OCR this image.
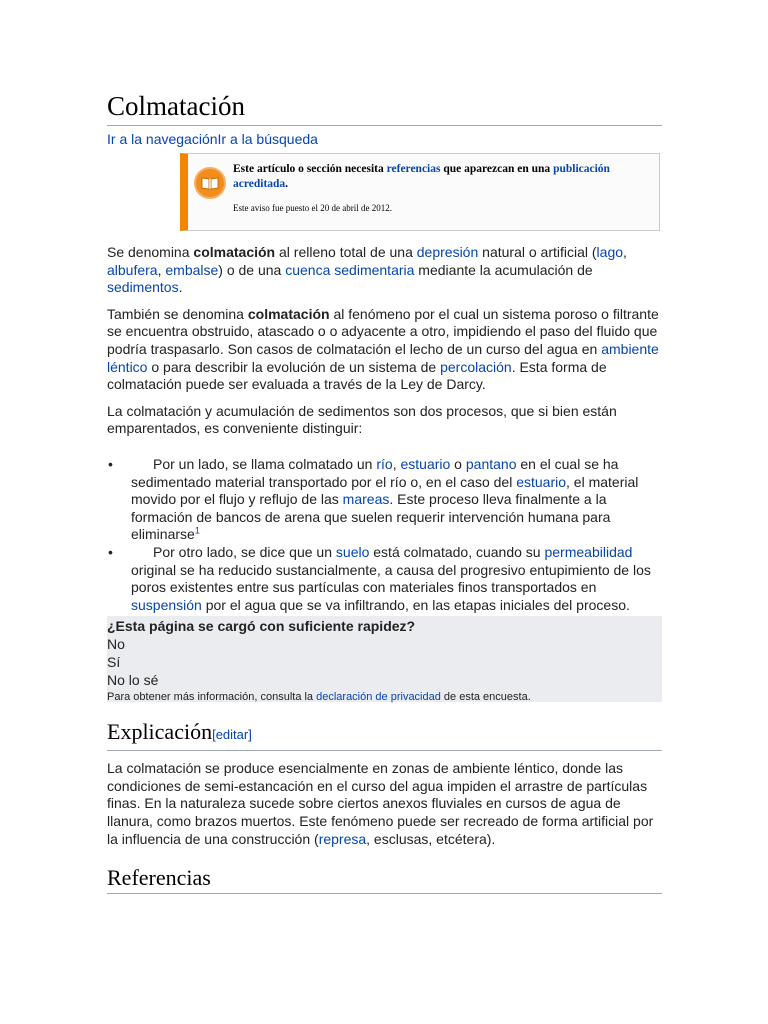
Colmatación
Ir a la navegaciónIr a la búsqueda
Este artículo o sección necesita referencias que aparezcan en una publicación acreditada.
Este aviso fue puesto el 20 de abril de 2012.

Se denomina colmatación al relleno total de una depresión natural o artificial (lago, albufera, embalse) o de una cuenca sedimentaria mediante la acumulación de sedimentos.

También se denomina colmatación al fenómeno por el cual un sistema poroso o filtrante se encuentra obstruido, atascado o o adyacente a otro, impidiendo el paso del fluido que podría traspasarlo. Son casos de colmatación el lecho de un curso del agua en ambiente léntico o para describir la evolución de un sistema de percolación. Esta forma de colmatación puede ser evaluada a través de la Ley de Darcy.

La colmatación y acumulación de sedimentos son dos procesos, que si bien están emparentados, es conveniente distinguir:

•	Por un lado, se llama colmatado un río, estuario o pantano en el cual se ha sedimentado material transportado por el río o, en el caso del estuario, el material movido por el flujo y reflujo de las mareas. Este proceso lleva finalmente a la formación de bancos de arena que suelen requerir intervención humana para eliminarse$^1$
•	Por otro lado, se dice que un suelo está colmatado, cuando su permeabilidad original se ha reducido sustancialmente, a causa del progresivo entupimiento de los poros existentes entre sus partículas con materiales finos transportados en suspensión por el agua que se va infiltrando, en las etapas iniciales del proceso.
¿Esta página se cargó con suficiente rapidez?
No
Sí
No lo sé
Para obtener más información, consulta la declaración de privacidad de esta encuesta.
Explicación[editar]

La colmatación se produce esencialmente en zonas de ambiente léntico, donde las condiciones de semi-estancación en el curso del agua impiden el arrastre de partículas finas. En la naturaleza sucede sobre ciertos anexos fluviales en cursos de agua de llanura, como brazos muertos. Este fenómeno puede ser recreado de forma artificial por la influencia de una construcción (represa, esclusas, etcétera).

Referencias
